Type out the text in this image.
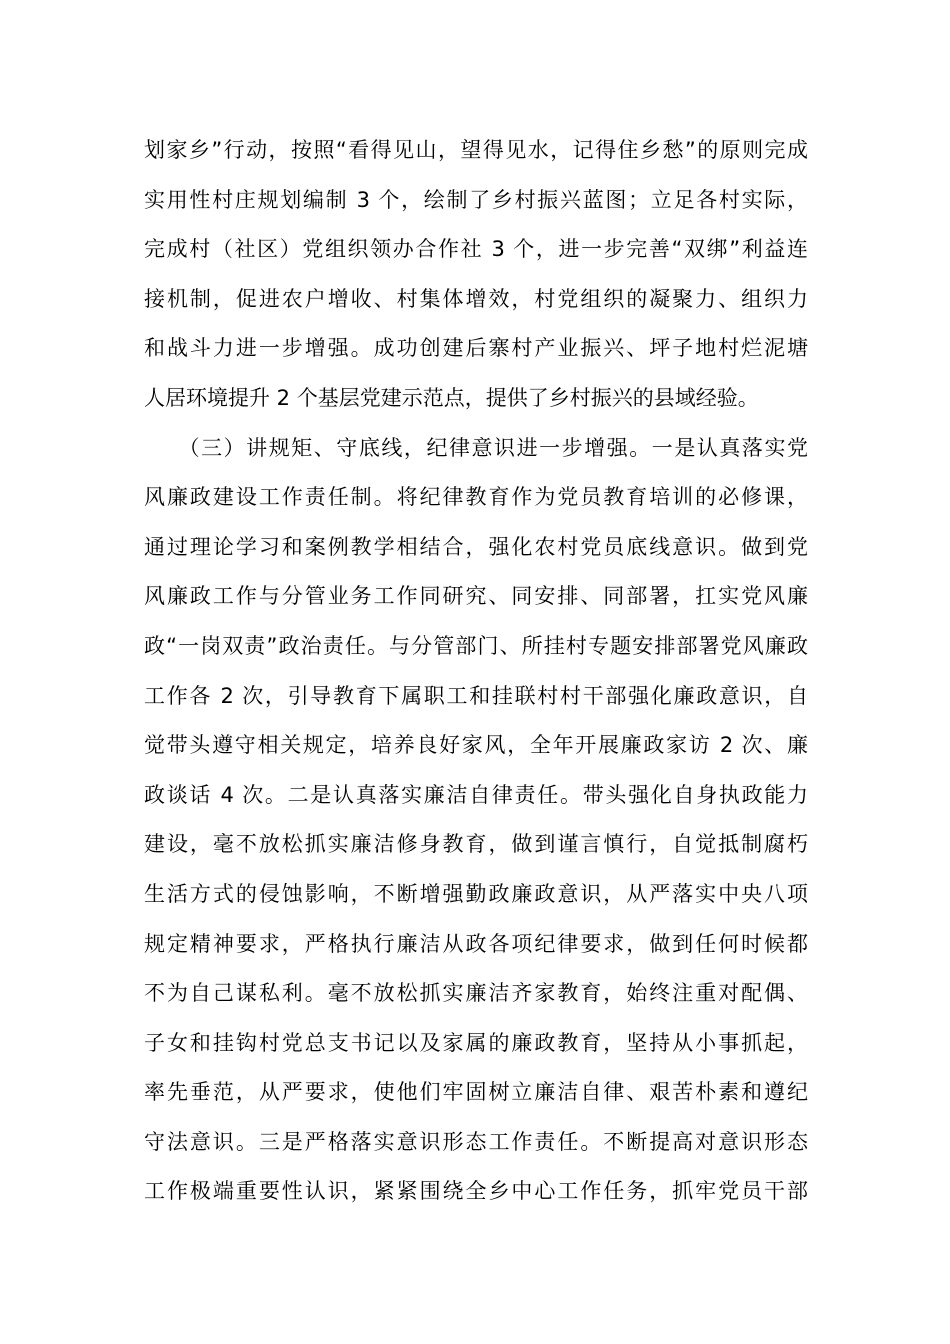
划家乡”行动，按照“看得见山，望得见水，记得住乡愁”的原则完成
实用性村庄规划编制 3 个，绘制了乡村振兴蓝图；立足各村实际，
完成村（社区）党组织领办合作社 3 个，进一步完善“双绑”利益连
接机制，促进农户增收、村集体增效，村党组织的凝聚力、组织力
和战斗力进一步增强。成功创建后寨村产业振兴、坪子地村烂泥塘
人居环境提升 2 个基层党建示范点，提供了乡村振兴的县域经验。
　　（三）讲规矩、守底线，纪律意识进一步增强。一是认真落实党
风廉政建设工作责任制。将纪律教育作为党员教育培训的必修课，
通过理论学习和案例教学相结合，强化农村党员底线意识。做到党
风廉政工作与分管业务工作同研究、同安排、同部署，扛实党风廉
政“一岗双责”政治责任。与分管部门、所挂村专题安排部署党风廉政
工作各 2 次，引导教育下属职工和挂联村村干部强化廉政意识，自
觉带头遵守相关规定，培养良好家风，全年开展廉政家访 2 次、廉
政谈话 4 次。二是认真落实廉洁自律责任。带头强化自身执政能力
建设，毫不放松抓实廉洁修身教育，做到谨言慎行，自觉抵制腐朽
生活方式的侵蚀影响，不断增强勤政廉政意识，从严落实中央八项
规定精神要求，严格执行廉洁从政各项纪律要求，做到任何时候都
不为自己谋私利。毫不放松抓实廉洁齐家教育，始终注重对配偶、
子女和挂钩村党总支书记以及家属的廉政教育，坚持从小事抓起，
率先垂范，从严要求，使他们牢固树立廉洁自律、艰苦朴素和遵纪
守法意识。三是严格落实意识形态工作责任。不断提高对意识形态
工作极端重要性认识，紧紧围绕全乡中心工作任务，抓牢党员干部
